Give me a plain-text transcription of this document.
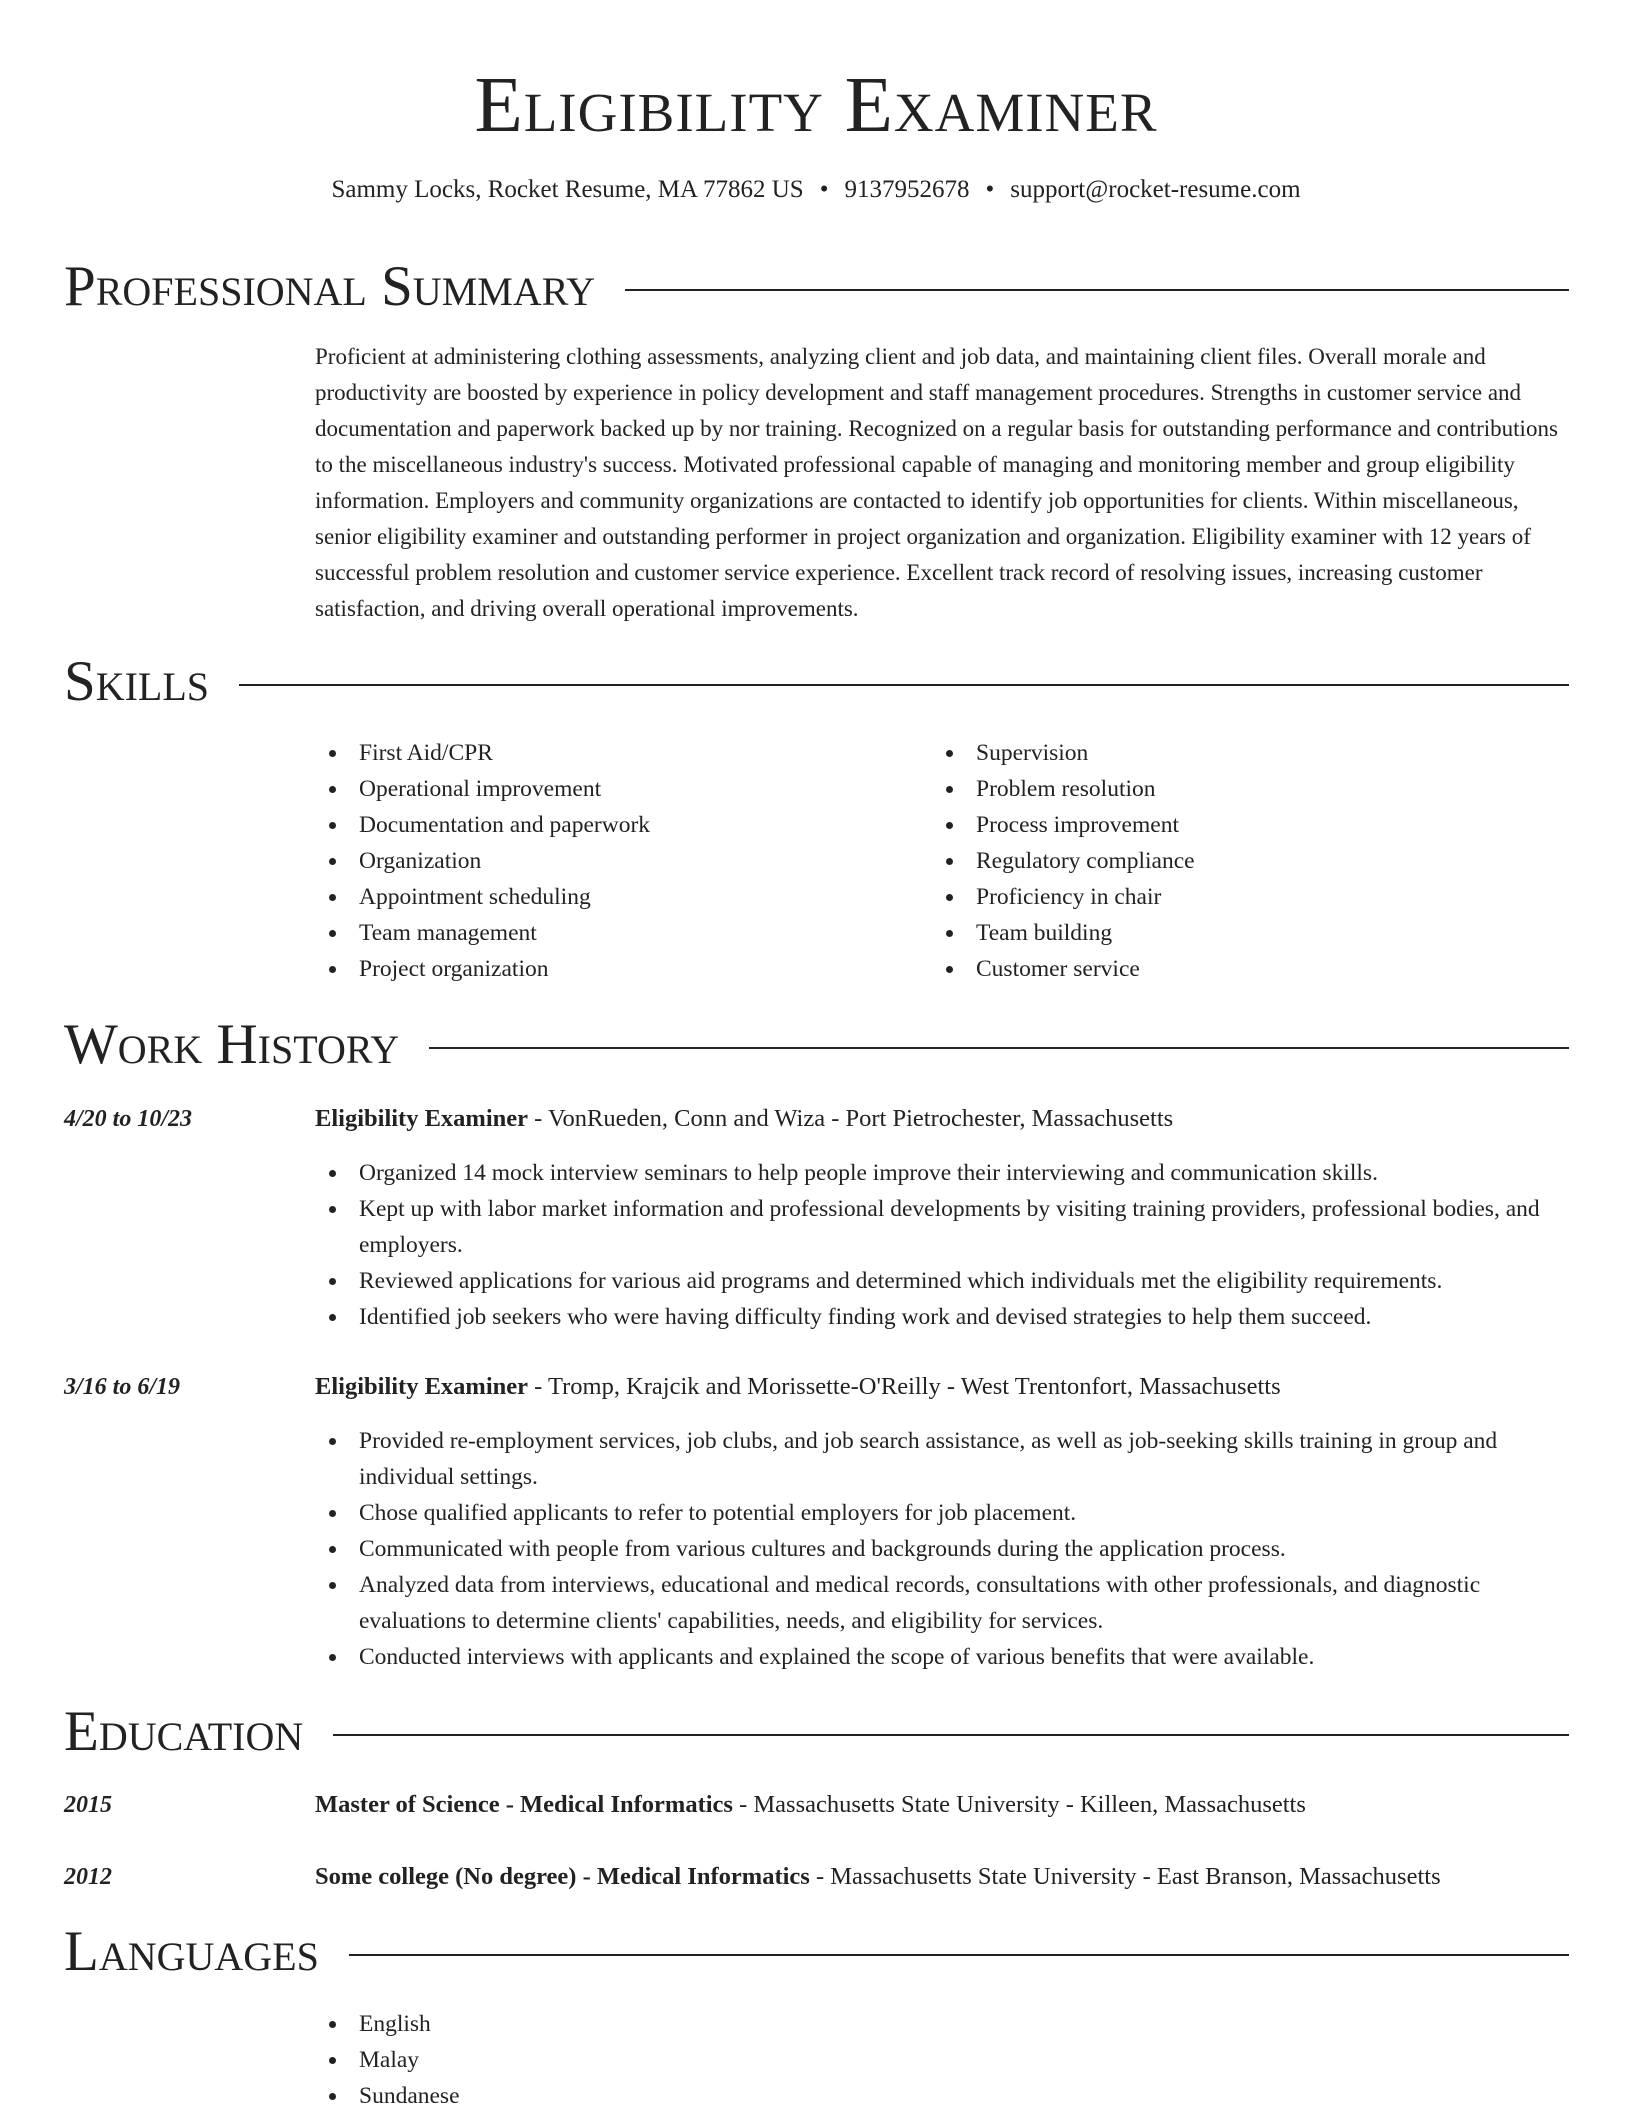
Eligibility Examiner
Sammy Locks, Rocket Resume, MA 77862 US • 9137952678 • support@rocket-resume.com
Professional Summary
Proficient at administering clothing assessments, analyzing client and job data, and maintaining client files. Overall morale and productivity are boosted by experience in policy development and staff management procedures. Strengths in customer service and documentation and paperwork backed up by nor training. Recognized on a regular basis for outstanding performance and contributions to the miscellaneous industry's success. Motivated professional capable of managing and monitoring member and group eligibility information. Employers and community organizations are contacted to identify job opportunities for clients. Within miscellaneous, senior eligibility examiner and outstanding performer in project organization and organization. Eligibility examiner with 12 years of successful problem resolution and customer service experience. Excellent track record of resolving issues, increasing customer satisfaction, and driving overall operational improvements.
Skills
First Aid/CPR
Operational improvement
Documentation and paperwork
Organization
Appointment scheduling
Team management
Project organization
Supervision
Problem resolution
Process improvement
Regulatory compliance
Proficiency in chair
Team building
Customer service
Work History
4/20 to 10/23	Eligibility Examiner - VonRueden, Conn and Wiza - Port Pietrochester, Massachusetts
Organized 14 mock interview seminars to help people improve their interviewing and communication skills.
Kept up with labor market information and professional developments by visiting training providers, professional bodies, and employers.
Reviewed applications for various aid programs and determined which individuals met the eligibility requirements.
Identified job seekers who were having difficulty finding work and devised strategies to help them succeed.
3/16 to 6/19	Eligibility Examiner - Tromp, Krajcik and Morissette-O'Reilly - West Trentonfort, Massachusetts
Provided re-employment services, job clubs, and job search assistance, as well as job-seeking skills training in group and individual settings.
Chose qualified applicants to refer to potential employers for job placement.
Communicated with people from various cultures and backgrounds during the application process.
Analyzed data from interviews, educational and medical records, consultations with other professionals, and diagnostic evaluations to determine clients' capabilities, needs, and eligibility for services.
Conducted interviews with applicants and explained the scope of various benefits that were available.
Education
2015	Master of Science - Medical Informatics - Massachusetts State University - Killeen, Massachusetts
2012	Some college (No degree) - Medical Informatics - Massachusetts State University - East Branson, Massachusetts
Languages
English
Malay
Sundanese
